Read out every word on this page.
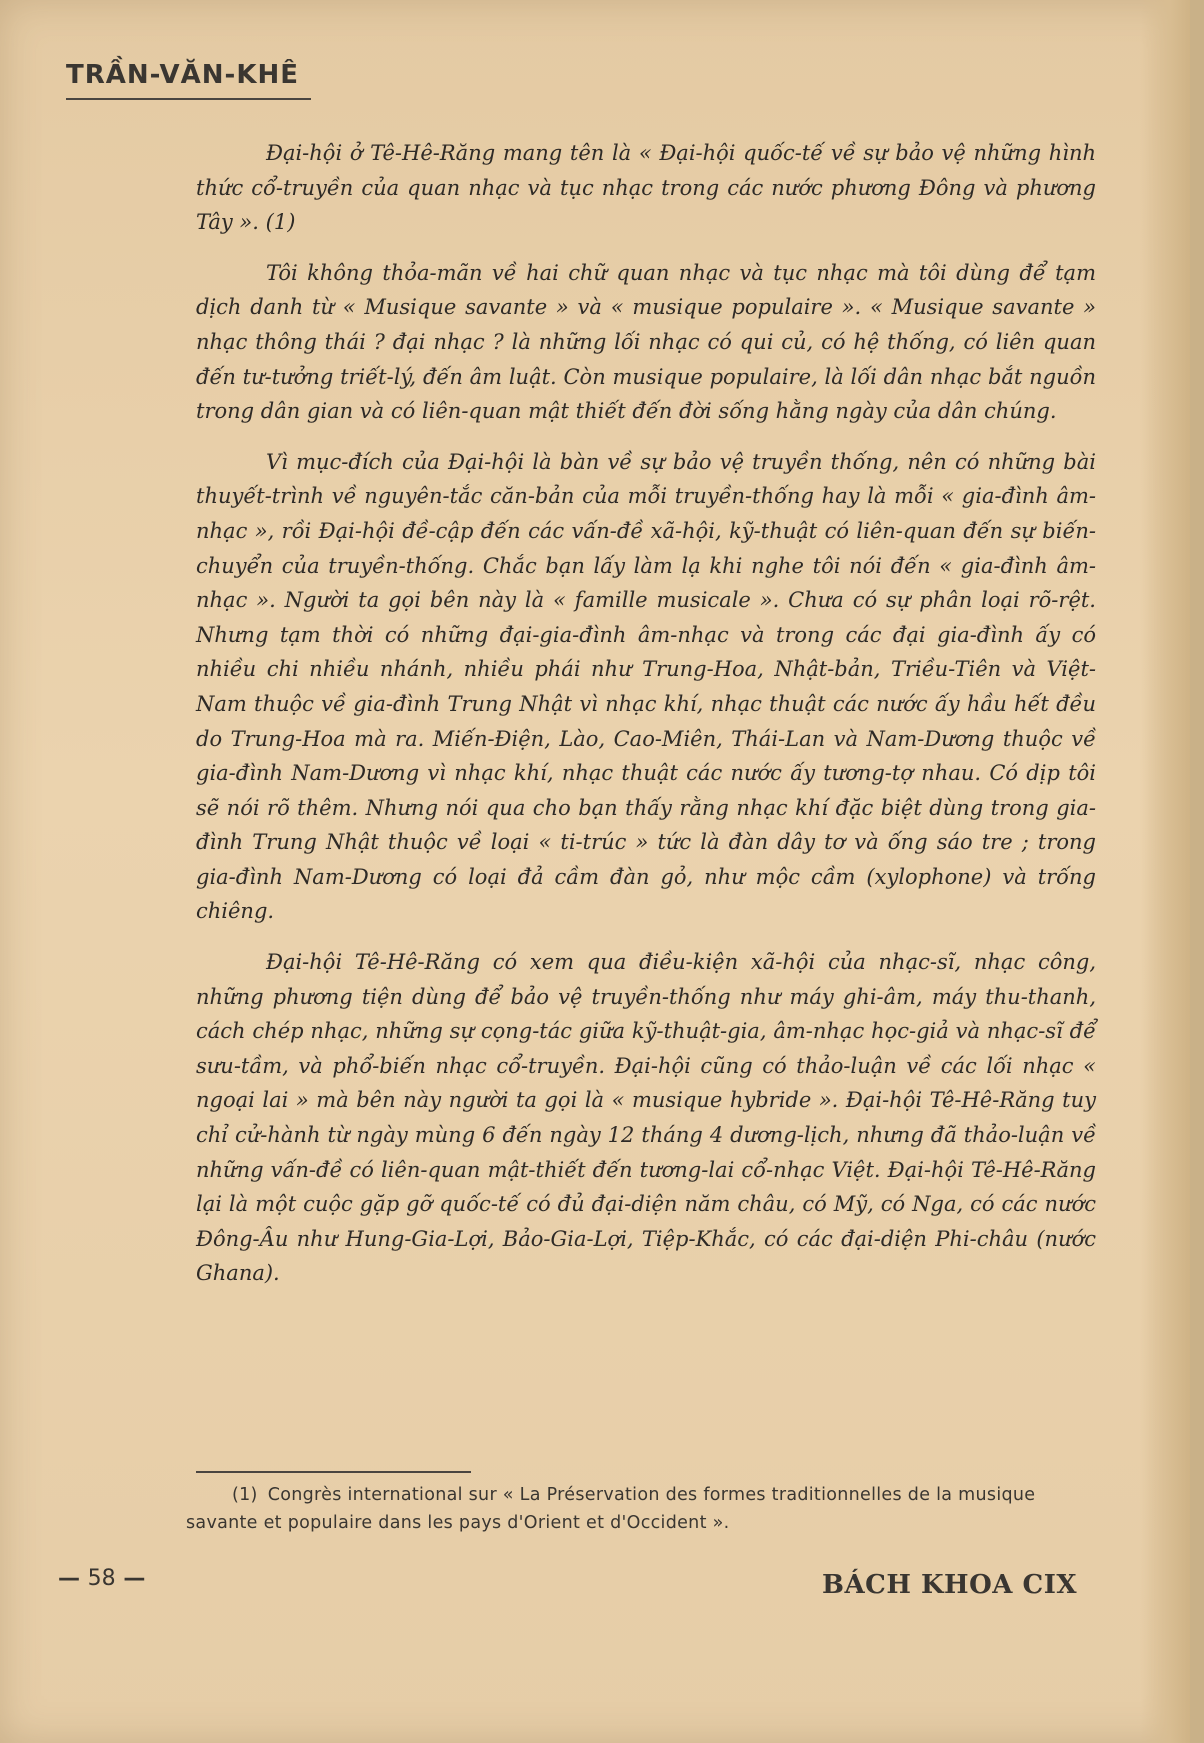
TRẦN-VĂN-KHÊ

Đại-hội ở Tê-Hê-Răng mang tên là « Đại-hội quốc-tế về sự bảo vệ những hình thức cổ-truyền của quan nhạc và tục nhạc trong các nước phương Đông và phương Tây ». (1)

Tôi không thỏa-mãn về hai chữ quan nhạc và tục nhạc mà tôi dùng để tạm dịch danh từ « Musique savante » và « musique populaire ». « Musique savante » nhạc thông thái ? đại nhạc ? là những lối nhạc có qui củ, có hệ thống, có liên quan đến tư-tưởng triết-lý, đến âm luật. Còn musique populaire, là lối dân nhạc bắt nguồn trong dân gian và có liên-quan mật thiết đến đời sống hằng ngày của dân chúng.

Vì mục-đích của Đại-hội là bàn về sự bảo vệ truyền thống, nên có những bài thuyết-trình về nguyên-tắc căn-bản của mỗi truyền-thống hay là mỗi « gia-đình âm-nhạc », rồi Đại-hội đề-cập đến các vấn-đề xã-hội, kỹ-thuật có liên-quan đến sự biến-chuyển của truyền-thống. Chắc bạn lấy làm lạ khi nghe tôi nói đến « gia-đình âm-nhạc ». Người ta gọi bên này là « famille musicale ». Chưa có sự phân loại rõ-rệt. Nhưng tạm thời có những đại-gia-đình âm-nhạc và trong các đại gia-đình ấy có nhiều chi nhiều nhánh, nhiều phái như Trung-Hoa, Nhật-bản, Triều-Tiên và Việt-Nam thuộc về gia-đình Trung Nhật vì nhạc khí, nhạc thuật các nước ấy hầu hết đều do Trung-Hoa mà ra. Miến-Điện, Lào, Cao-Miên, Thái-Lan và Nam-Dương thuộc về gia-đình Nam-Dương vì nhạc khí, nhạc thuật các nước ấy tương-tợ nhau. Có dịp tôi sẽ nói rõ thêm. Nhưng nói qua cho bạn thấy rằng nhạc khí đặc biệt dùng trong gia-đình Trung Nhật thuộc về loại « ti-trúc » tức là đàn dây tơ và ống sáo tre ; trong gia-đình Nam-Dương có loại đả cầm đàn gỏ, như mộc cầm (xylophone) và trống chiêng.

Đại-hội Tê-Hê-Răng có xem qua điều-kiện xã-hội của nhạc-sĩ, nhạc công, những phương tiện dùng để bảo vệ truyền-thống như máy ghi-âm, máy thu-thanh, cách chép nhạc, những sự cọng-tác giữa kỹ-thuật-gia, âm-nhạc học-giả và nhạc-sĩ để sưu-tầm, và phổ-biến nhạc cổ-truyền. Đại-hội cũng có thảo-luận về các lối nhạc « ngoại lai » mà bên này người ta gọi là « musique hybride ». Đại-hội Tê-Hê-Răng tuy chỉ cử-hành từ ngày mùng 6 đến ngày 12 tháng 4 dương-lịch, nhưng đã thảo-luận về những vấn-đề có liên-quan mật-thiết đến tương-lai cổ-nhạc Việt. Đại-hội Tê-Hê-Răng lại là một cuộc gặp gỡ quốc-tế có đủ đại-diện năm châu, có Mỹ, có Nga, có các nước Đông-Âu như Hung-Gia-Lợi, Bảo-Gia-Lợi, Tiệp-Khắc, có các đại-diện Phi-châu (nước Ghana).

(1) Congrès international sur « La Préservation des formes traditionnelles de la musique savante et populaire dans les pays d'Orient et d'Occident ».
— 58 —	BÁCH KHOA CIX
